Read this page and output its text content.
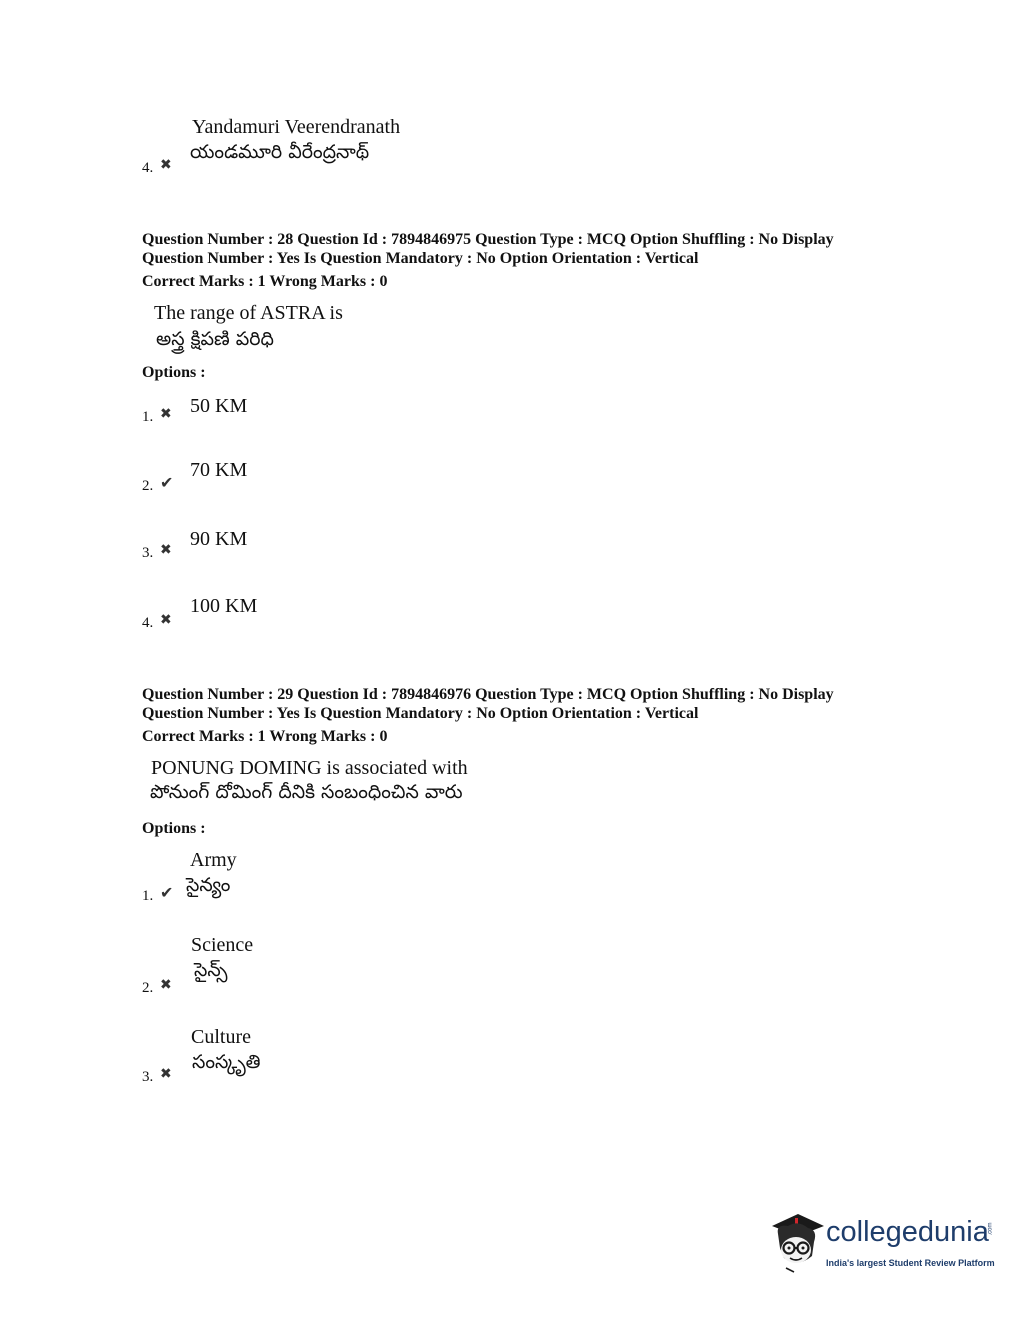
Yandamuri Veerendranath
యండమూరి వీరేంద్రనాథ్
4. ✖
Question Number : 28 Question Id : 7894846975 Question Type : MCQ Option Shuffling : No Display
Question Number : Yes Is Question Mandatory : No Option Orientation : Vertical
Correct Marks : 1 Wrong Marks : 0
The range of ASTRA is
అస్త్ర క్షిపణి పరిధి
Options :
50 KM
1. ✖
70 KM
2. ✔
90 KM
3. ✖
100 KM
4. ✖
Question Number : 29 Question Id : 7894846976 Question Type : MCQ Option Shuffling : No Display
Question Number : Yes Is Question Mandatory : No Option Orientation : Vertical
Correct Marks : 1 Wrong Marks : 0
PONUNG DOMING is associated with
పోనుంగ్ దోమింగ్ దీనికి సంబంధించిన వారు
Options :
Army
సైన్యం
1. ✔
Science
సైన్స్
2. ✖
Culture
సంస్కృతి
3. ✖
collegedunia
.com
India's largest Student Review Platform
